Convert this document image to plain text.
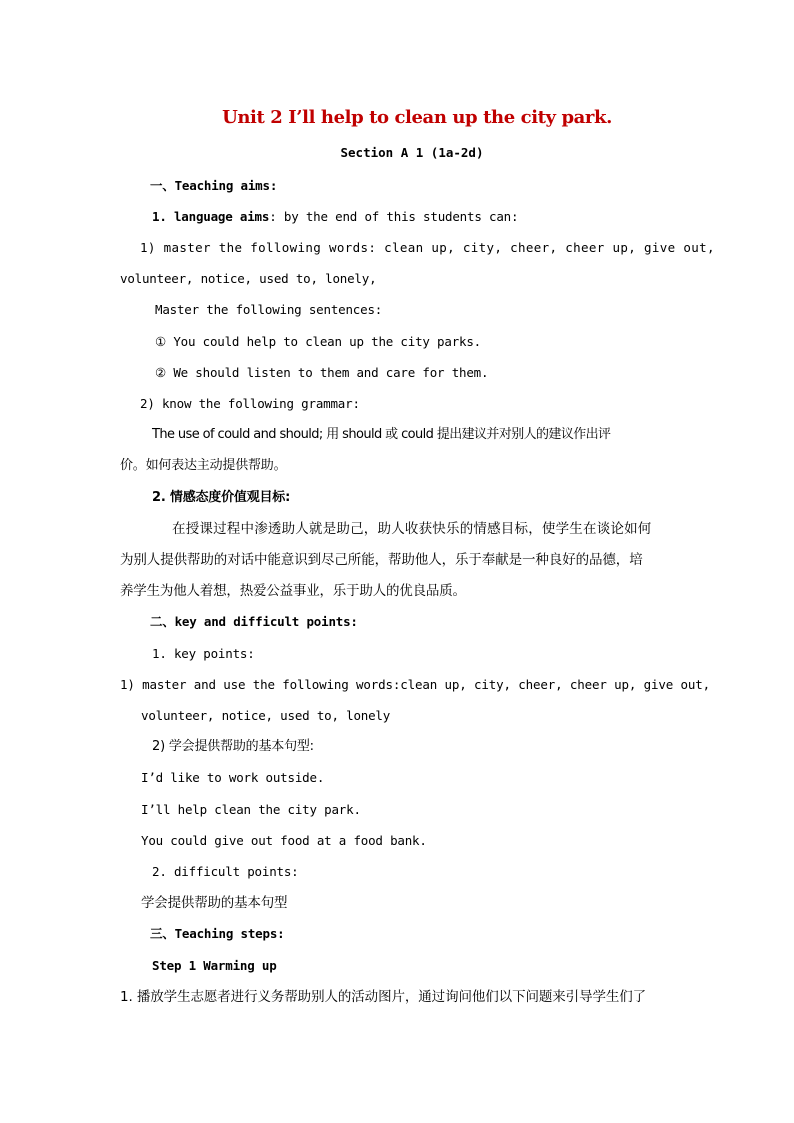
Unit 2 I’ll help to clean up the city park.
Section A 1 (1a-2d)
一、Teaching aims:
1. language aims: by the end of this students can:
1) master the following words: clean up, city, cheer, cheer up, give out,
volunteer, notice, used to, lonely,
Master the following sentences:
① You could help to clean up the city parks.
② We should listen to them and care for them.
2) know the following grammar:
The use of could and should; 用 should 或 could 提出建议并对别人的建议作出评
价。如何表达主动提供帮助。
2. 情感态度价值观目标:
在授课过程中渗透助人就是助己，助人收获快乐的情感目标，使学生在谈论如何
为别人提供帮助的对话中能意识到尽己所能，帮助他人，乐于奉献是一种良好的品德，培
养学生为他人着想，热爱公益事业，乐于助人的优良品质。
二、key and difficult points:
1. key points:
1) master and use the following words:clean up, city, cheer, cheer up, give out,
volunteer, notice, used to, lonely
2) 学会提供帮助的基本句型:
I’d like to work outside.
I’ll help clean the city park.
You could give out food at a food bank.
2. difficult points:
学会提供帮助的基本句型
三、Teaching steps:
Step 1 Warming up
1. 播放学生志愿者进行义务帮助别人的活动图片，通过询问他们以下问题来引导学生们了
